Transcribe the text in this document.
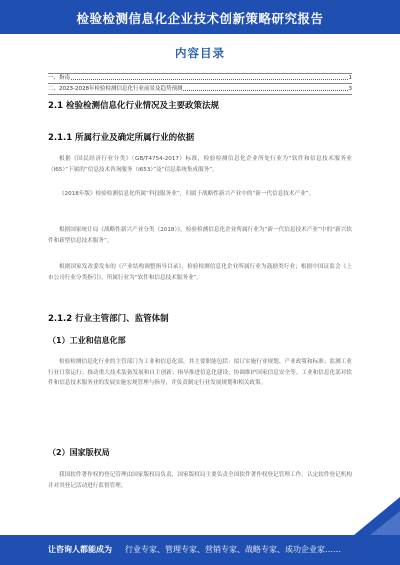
检验检测信息化企业技术创新策略研究报告
内容目录
一、指南	1
二、2023-2028年检验检测信息化行业前景及趋势预测	3
2.1 检验检测信息化行业情况及主要政策法规
2.1.1 所属行业及确定所属行业的依据
根据《国民经济行业分类》（GB/T4754-2017）标准，检验检测信息化企业所处行业为“软件和信息技术服务业（I65）”下属的“信息技术咨询服务（I653）”及“信息系统集成服务”。
《2018年版》检验检测信息化所属“科技服务业”，归属于战略性新兴产业中的“新一代信息技术产业”。
根据国家统计局《战略性新兴产业分类（2018）》，检验检测信息化企业所属行业为“新一代信息技术产业”中的“新兴软件和新型信息技术服务”。
根据国家发改委发布的《产业结构调整指导目录》，检验检测信息化企业所属行业为鼓励类行业；根据中国证监会《上市公司行业分类指引》，所属行业为“软件和信息技术服务业”。
2.1.2 行业主管部门、监管体制
（1）工业和信息化部
检验检测信息化行业的主管部门为工业和信息化部，其主要职能包括：拟订实施行业规划、产业政策和标准；监测工业行业日常运行；推动重大技术装备发展和自主创新；指导推进信息化建设；协调维护国家信息安全等。工业和信息化部对软件和信息技术服务业的发展实施宏观管理与指导，并负责制定行业发展规划和相关政策。
（2）国家版权局
我国软件著作权的登记管理由国家版权局负责，国家版权局主要负责全国软件著作权登记管理工作，认定软件登记机构并对其登记活动进行监督管理。
让咨询人都能成为 行业专家、管理专家、营销专家、战略专家、成功企业家……
